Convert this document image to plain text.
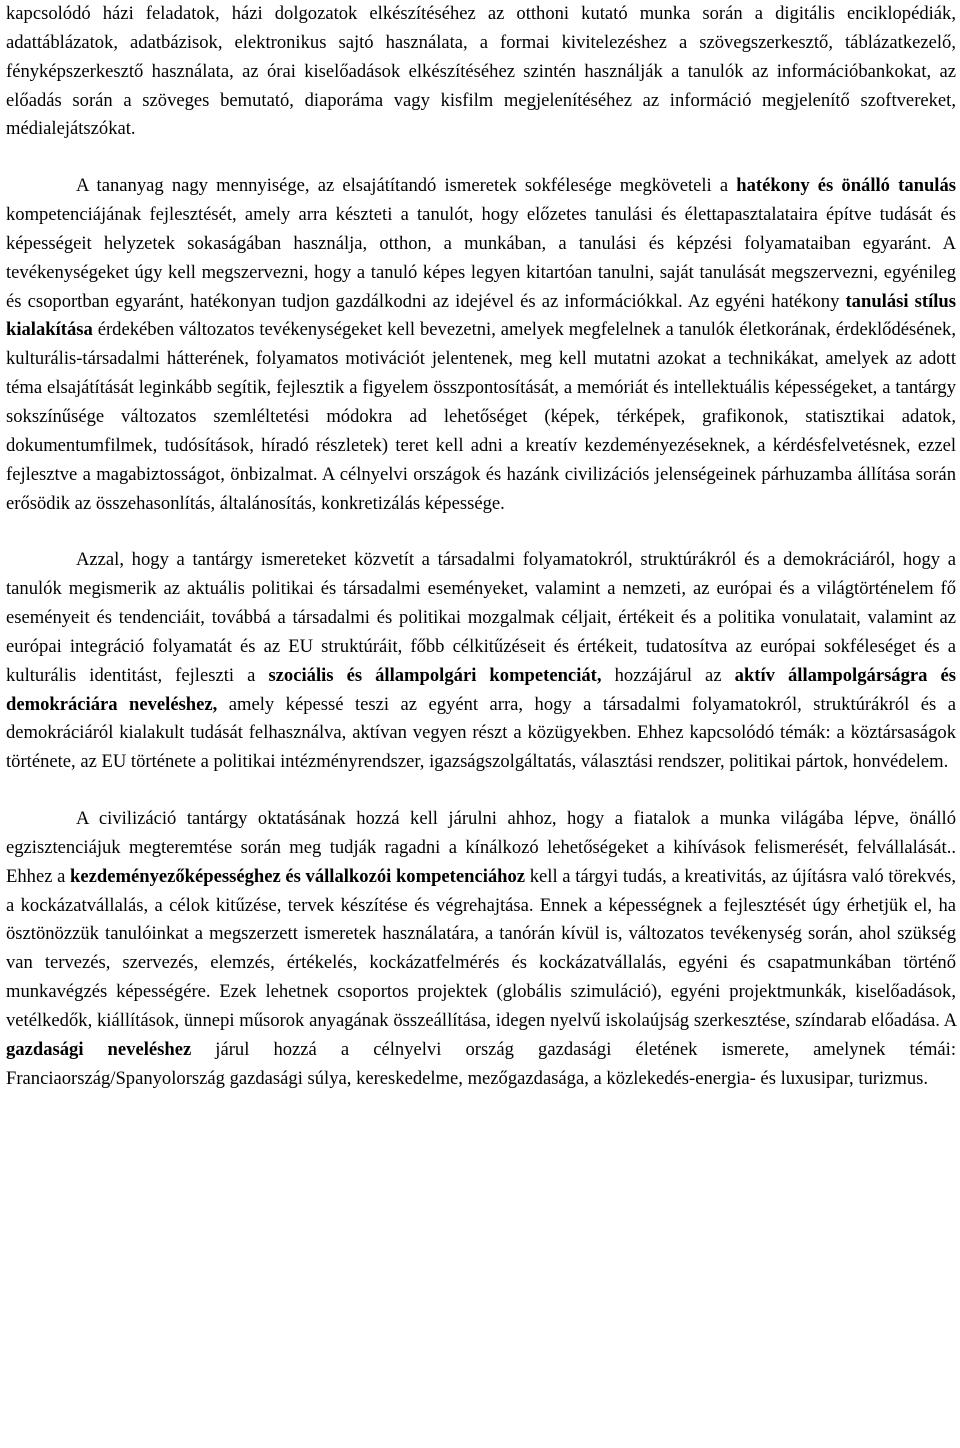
kapcsolódó házi feladatok, házi dolgozatok elkészítéséhez az otthoni kutató munka során a digitális enciklopédiák, adattáblázatok, adatbázisok, elektronikus sajtó használata, a formai kivitelezéshez a szövegszerkesztő, táblázatkezelő, fényképszerkesztő használata, az órai kiselőadások elkészítéséhez szintén használják a tanulók az információbankokat, az előadás során a szöveges bemutató, diaporáma vagy kisfilm megjelenítéséhez az információ megjelenítő szoftvereket, médialejátszókat.

A tananyag nagy mennyisége, az elsajátítandó ismeretek sokfélesége megköveteli a hatékony és önálló tanulás kompetenciájának fejlesztését, amely arra készteti a tanulót, hogy előzetes tanulási és élettapasztalataira építve tudását és képességeit helyzetek sokaságában használja, otthon, a munkában, a tanulási és képzési folyamataiban egyaránt. A tevékenységeket úgy kell megszervezni, hogy a tanuló képes legyen kitartóan tanulni, saját tanulását megszervezni, egyénileg és csoportban egyaránt, hatékonyan tudjon gazdálkodni az idejével és az információkkal. Az egyéni hatékony tanulási stílus kialakítása érdekében változatos tevékenységeket kell bevezetni, amelyek megfelelnek a tanulók életkorának, érdeklődésének, kulturális-társadalmi hátterének, folyamatos motivációt jelentenek, meg kell mutatni azokat a technikákat, amelyek az adott téma elsajátítását leginkább segítik, fejlesztik a figyelem összpontosítását, a memóriát és intellektuális képességeket, a tantárgy sokszínűsége változatos szemléltetési módokra ad lehetőséget (képek, térképek, grafikonok, statisztikai adatok, dokumentumfilmek, tudósítások, híradó részletek) teret kell adni a kreatív kezdeményezéseknek, a kérdésfelvetésnek, ezzel fejlesztve a magabiztosságot, önbizalmat. A célnyelvi országok és hazánk civilizációs jelenségeinek párhuzamba állítása során erősödik az összehasonlítás, általánosítás, konkretizálás képessége.

Azzal, hogy a tantárgy ismereteket közvetít a társadalmi folyamatokról, struktúrákról és a demokráciáról, hogy a tanulók megismerik az aktuális politikai és társadalmi eseményeket, valamint a nemzeti, az európai és a világtörténelem fő eseményeit és tendenciáit, továbbá a társadalmi és politikai mozgalmak céljait, értékeit és a politika vonulatait, valamint az európai integráció folyamatát és az EU struktúráit, főbb célkitűzéseit és értékeit, tudatosítva az európai sokféleséget és a kulturális identitást, fejleszti a szociális és állampolgári kompetenciát, hozzájárul az aktív állampolgárságra és demokráciára neveléshez, amely képessé teszi az egyént arra, hogy a társadalmi folyamatokról, struktúrákról és a demokráciáról kialakult tudását felhasználva, aktívan vegyen részt a közügyekben. Ehhez kapcsolódó témák: a köztársaságok története, az EU története a politikai intézményrendszer, igazságszolgáltatás, választási rendszer, politikai pártok, honvédelem.

A civilizáció tantárgy oktatásának hozzá kell járulni ahhoz, hogy a fiatalok a munka világába lépve, önálló egzisztenciájuk megteremtése során meg tudják ragadni a kínálkozó lehetőségeket a kihívások felismerését, felvállalását.. Ehhez a kezdeményezőképességhez és vállalkozói kompetenciához kell a tárgyi tudás, a kreativitás, az újításra való törekvés, a kockázatvállalás, a célok kitűzése, tervek készítése és végrehajtása. Ennek a képességnek a fejlesztését úgy érhetjük el, ha ösztönözzük tanulóinkat a megszerzett ismeretek használatára, a tanórán kívül is, változatos tevékenység során, ahol szükség van tervezés, szervezés, elemzés, értékelés, kockázatfelmérés és kockázatvállalás, egyéni és csapatmunkában történő munkavégzés képességére. Ezek lehetnek csoportos projektek (globális szimuláció), egyéni projektmunkák, kiselőadások, vetélkedők, kiállítások, ünnepi műsorok anyagának összeállítása, idegen nyelvű iskolaújság szerkesztése, színdarab előadása. A gazdasági neveléshez járul hozzá a célnyelvi ország gazdasági életének ismerete, amelynek témái: Franciaország/Spanyolország gazdasági súlya, kereskedelme, mezőgazdasága, a közlekedés-energia- és luxusipar, turizmus.
